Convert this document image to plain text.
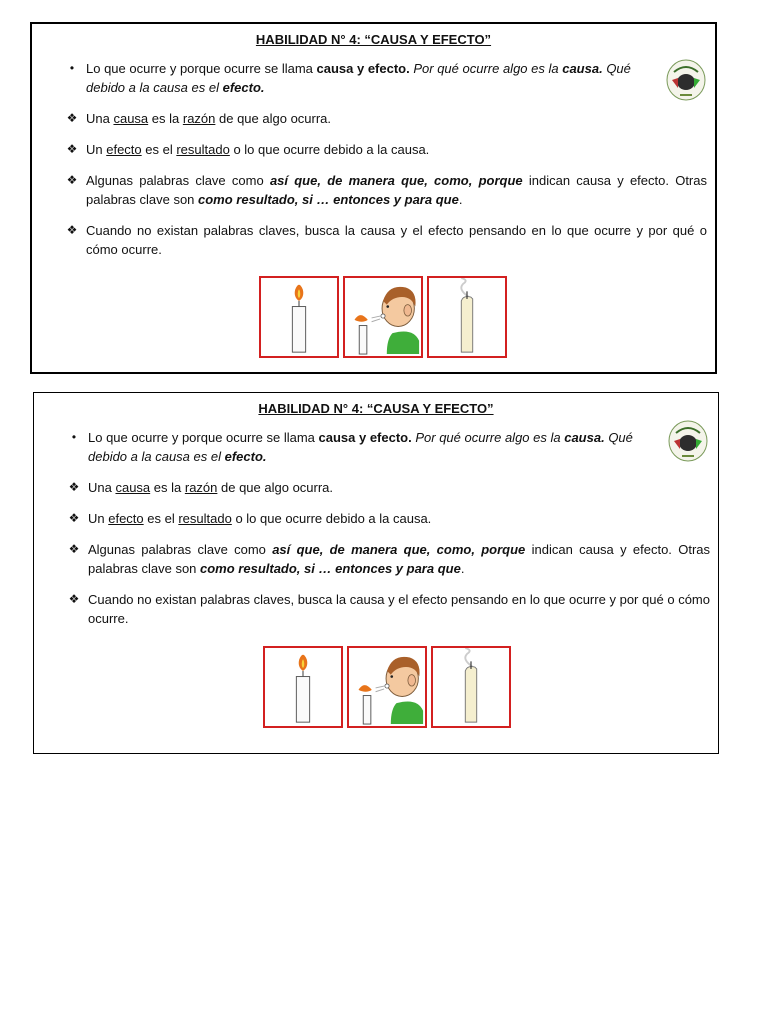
HABILIDAD N° 4: “CAUSA Y EFECTO”
• Lo que ocurre y porque ocurre se llama causa y efecto. Por qué ocurre algo es la causa. Qué
debido a la causa es el efecto.
❖ Una causa es la razón de que algo ocurra.
❖ Un efecto es el resultado o lo que ocurre debido a la causa.
❖ Algunas palabras clave como así que, de manera que, como, porque indican causa y efecto. Otras palabras clave son como resultado, si … entonces y para que.
❖ Cuando no existan palabras claves, busca la causa y el efecto pensando en lo que ocurre y por qué o cómo ocurre.
HABILIDAD N° 4: “CAUSA Y EFECTO”
• Lo que ocurre y porque ocurre se llama causa y efecto. Por qué ocurre algo es la causa. Qué
debido a la causa es el efecto.
❖ Una causa es la razón de que algo ocurra.
❖ Un efecto es el resultado o lo que ocurre debido a la causa.
❖ Algunas palabras clave como así que, de manera que, como, porque indican causa y efecto. Otras palabras clave son como resultado, si … entonces y para que.
❖ Cuando no existan palabras claves, busca la causa y el efecto pensando en lo que ocurre y por qué o cómo ocurre.
